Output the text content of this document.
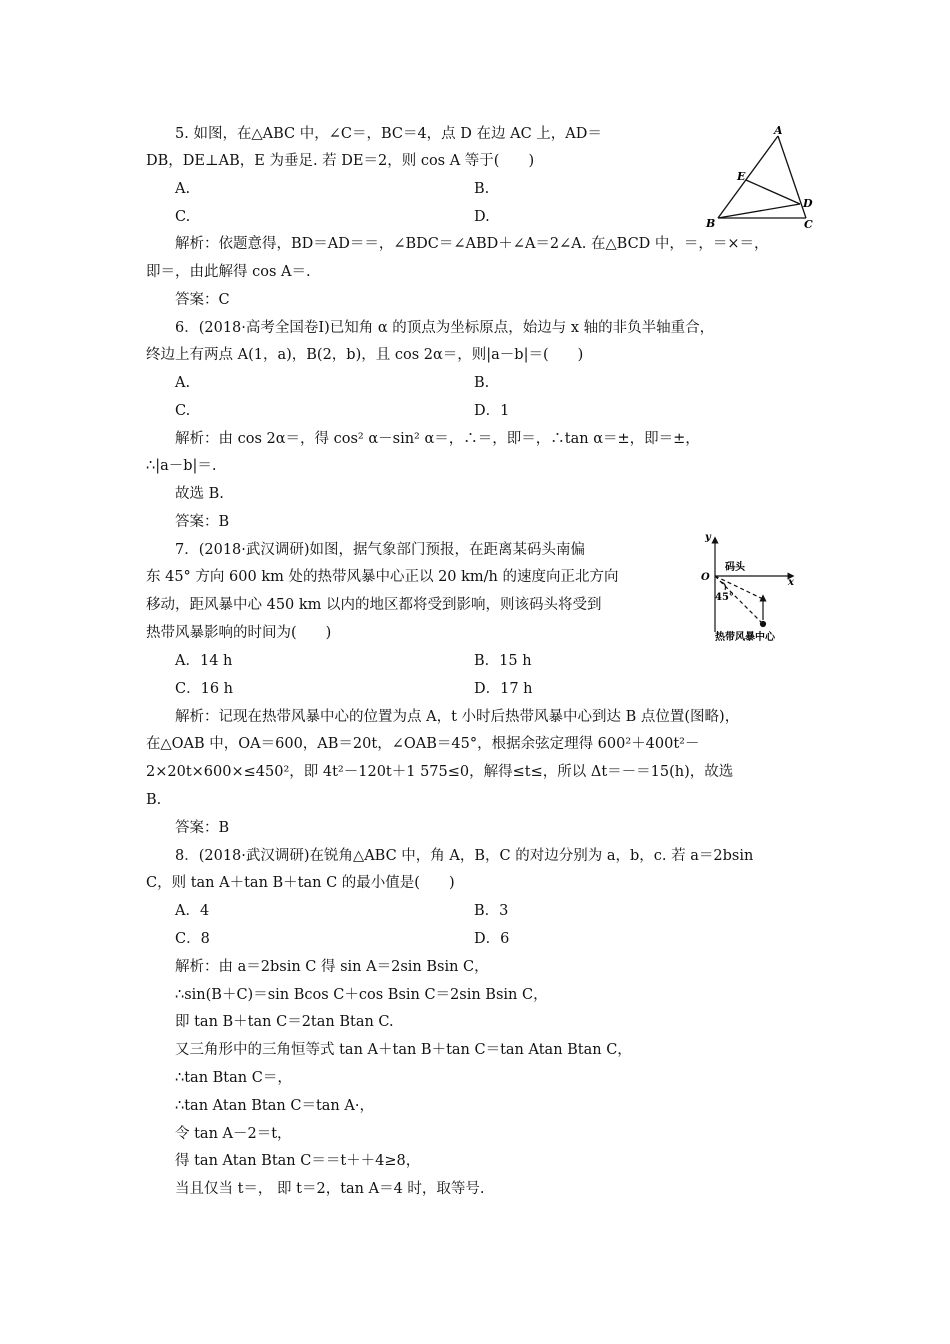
5. 如图，在△ABC 中，∠C＝，BC＝4，点 D 在边 AC 上，AD＝
DB，DE⊥AB，E 为垂足. 若 DE＝2，则 cos A 等于(　　)
A.	B.
C.	D.
解析：依题意得，BD＝AD＝＝，∠BDC＝∠ABD＋∠A＝2∠A. 在△BCD 中，＝，＝×＝，
即＝，由此解得 cos A＝.
答案：C
A
B	C
D
E
6．(2018·高考全国卷Ⅰ)已知角 α 的顶点为坐标原点，始边与 x 轴的非负半轴重合，
终边上有两点 A(1，a)，B(2，b)，且 cos 2α＝，则|a－b|＝(　　)
A.	B.
C.	D．1
解析：由 cos 2α＝，得 cos² α－sin² α＝，∴＝，即＝，∴tan α＝±，即＝±，
∴|a－b|＝.
故选 B.
答案：B
7．(2018·武汉调研)如图，据气象部门预报，在距离某码头南偏
东 45° 方向 600 km 处的热带风暴中心正以 20 km/h 的速度向正北方向
移动，距风暴中心 450 km 以内的地区都将受到影响，则该码头将受到
热带风暴影响的时间为(　　)
A．14 h	B．15 h
C．16 h	D．17 h
解析：记现在热带风暴中心的位置为点 A，t 小时后热带风暴中心到达 B 点位置(图略)，
在△OAB 中，OA＝600，AB＝20t，∠OAB＝45°，根据余弦定理得 600²＋400t²－
2×20t×600×≤450²，即 4t²－120t＋1 575≤0，解得≤t≤，所以 Δt＝－＝15(h)，故选
B.
答案：B
y
x
O
码头
45°
热带风暴中心
8．(2018·武汉调研)在锐角△ABC 中，角 A，B，C 的对边分别为 a，b，c. 若 a＝2bsin
C，则 tan A＋tan B＋tan C 的最小值是(　　)
A．4	B．3
C．8	D．6
解析：由 a＝2bsin C 得 sin A＝2sin Bsin C，
∴sin(B＋C)＝sin Bcos C＋cos Bsin C＝2sin Bsin C，
即 tan B＋tan C＝2tan Btan C.
又三角形中的三角恒等式 tan A＋tan B＋tan C＝tan Atan Btan C，
∴tan Btan C＝，
∴tan Atan Btan C＝tan A·，
令 tan A－2＝t，
得 tan Atan Btan C＝＝t＋＋4≥8，
当且仅当 t＝， 即 t＝2，tan A＝4 时，取等号.
